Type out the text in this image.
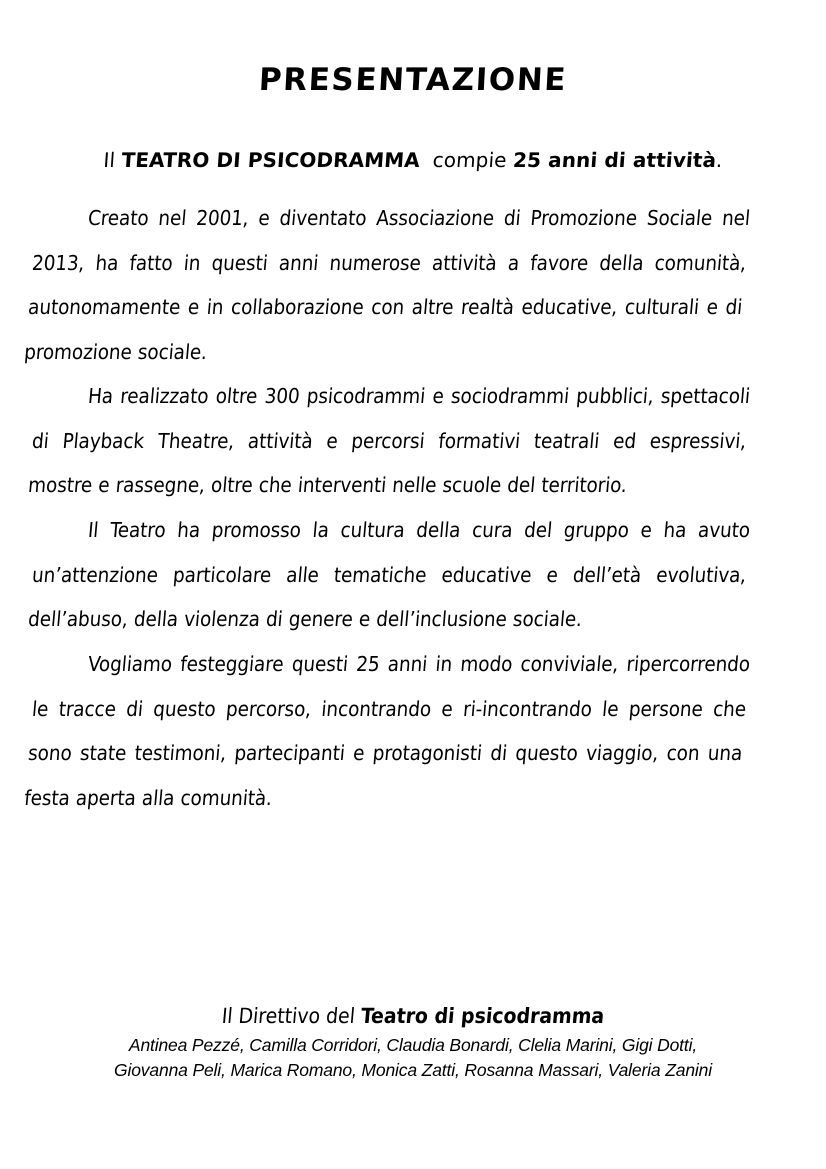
PRESENTAZIONE

Il TEATRO DI PSICODRAMMA  compie 25 anni di attività.

Creato nel 2001, e diventato Associazione di Promozione Sociale nel 2013, ha fatto in questi anni numerose attività a favore della comunità, autonomamente e in collaborazione con altre realtà educative, culturali e di promozione sociale.

Ha realizzato oltre 300 psicodrammi e sociodrammi pubblici, spettacoli di Playback Theatre, attività e percorsi formativi teatrali ed espressivi, mostre e rassegne, oltre che interventi nelle scuole del territorio.

Il Teatro ha promosso la cultura della cura del gruppo e ha avuto un’attenzione particolare alle tematiche educative e dell’età evolutiva, dell’abuso, della violenza di genere e dell’inclusione sociale.

Vogliamo festeggiare questi 25 anni in modo conviviale, ripercorrendo le tracce di questo percorso, incontrando e ri-incontrando le persone che sono state testimoni, partecipanti e protagonisti di questo viaggio, con una festa aperta alla comunità.

Il Direttivo del Teatro di psicodramma

Antinea Pezzé, Camilla Corridori, Claudia Bonardi, Clelia Marini, Gigi Dotti,
Giovanna Peli, Marica Romano, Monica Zatti, Rosanna Massari, Valeria Zanini
